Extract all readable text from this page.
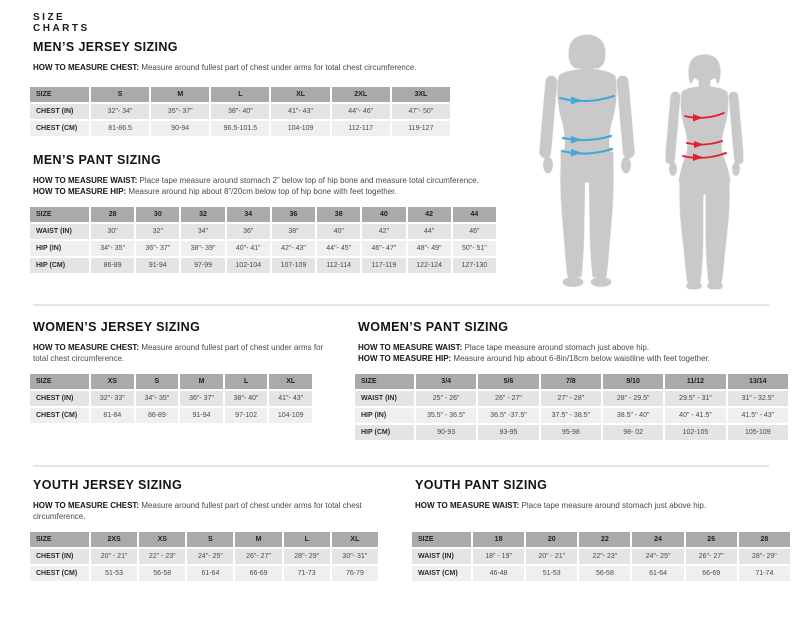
SIZE
CHARTS
MEN’S JERSEY SIZING

HOW TO MEASURE CHEST: Measure around fullest part of chest under arms for total chest circumference.

SIZE	S	M	L	XL	2XL	3XL
CHEST (IN)	32"- 34"	35"- 37"	38"- 40"	41"- 43"	44"- 46"	47"- 50"
CHEST (CM)	81-86.5	90-94	96.5-101.5	104-109	112-117	119-127
MEN’S PANT SIZING

HOW TO MEASURE WAIST: Place tape measure around stomach 2” below top of hip bone and measure total circumference.

HOW TO MEASURE HIP: Measure around hip about 8”/20cm below top of hip bone with feet together.

SIZE	28	30	32	34	36	38	40	42	44
WAIST (IN)	30"	32"	34"	36"	38"	40"	42"	44"	46"
HIP (IN)	34"- 35"	36"- 37"	38"- 39"	40"- 41"	42"- 43"	44"- 45"	46"- 47"	48"- 49"	50"- 51"
HIP (CM)	86-89	91-94	97-99	102-104	107-109	112-114	117-119	122-124	127-130
WOMEN’S JERSEY SIZING

HOW TO MEASURE CHEST: Measure around fullest part of chest under arms for total chest circumference.

SIZE	XS	S	M	L	XL
CHEST (IN)	32"- 33"	34"- 35"	36"- 37"	38"- 40"	41"- 43"
CHEST (CM)	81-84	86-89	91-94	97-102	104-109
WOMEN’S PANT SIZING

HOW TO MEASURE WAIST: Place tape measure around stomach just above hip.

HOW TO MEASURE HIP: Measure around hip about 6-8in/18cm below waistline with feet together.

SIZE	3/4	5/6	7/8	9/10	11/12	13/14
WAIST (IN)	25" - 26"	26" - 27"	27" - 28"	28" - 29.5"	29.5" - 31"	31" - 32.5"
HIP (IN)	35.5" - 36.5"	36.5" -37.5"	37.5" - 38.5"	38.5" - 40"	40" - 41.5"	41.5" - 43"
HIP (CM)	90-93	93-95	95-98	98- 02	102-105	105-109
YOUTH JERSEY SIZING

HOW TO MEASURE CHEST: Measure around fullest part of chest under arms for total chest circumference.

SIZE	2XS	XS	S	M	L	XL
CHEST (IN)	20" - 21"	22" - 23"	24"- 25"	26"- 27"	28"- 29"	30"- 31"
CHEST (CM)	51-53	56-58	61-64	66-69	71-73	76-79
YOUTH PANT SIZING

HOW TO MEASURE WAIST: Place tape measure around stomach just above hip.

SIZE	18	20	22	24	26	28
WAIST (IN)	18" - 19"	20" - 21"	22"- 23"	24"- 25"	26"- 27"	28"- 29"
WAIST (CM)	46-48	51-53	56-58	61-64	66-69	71-74
